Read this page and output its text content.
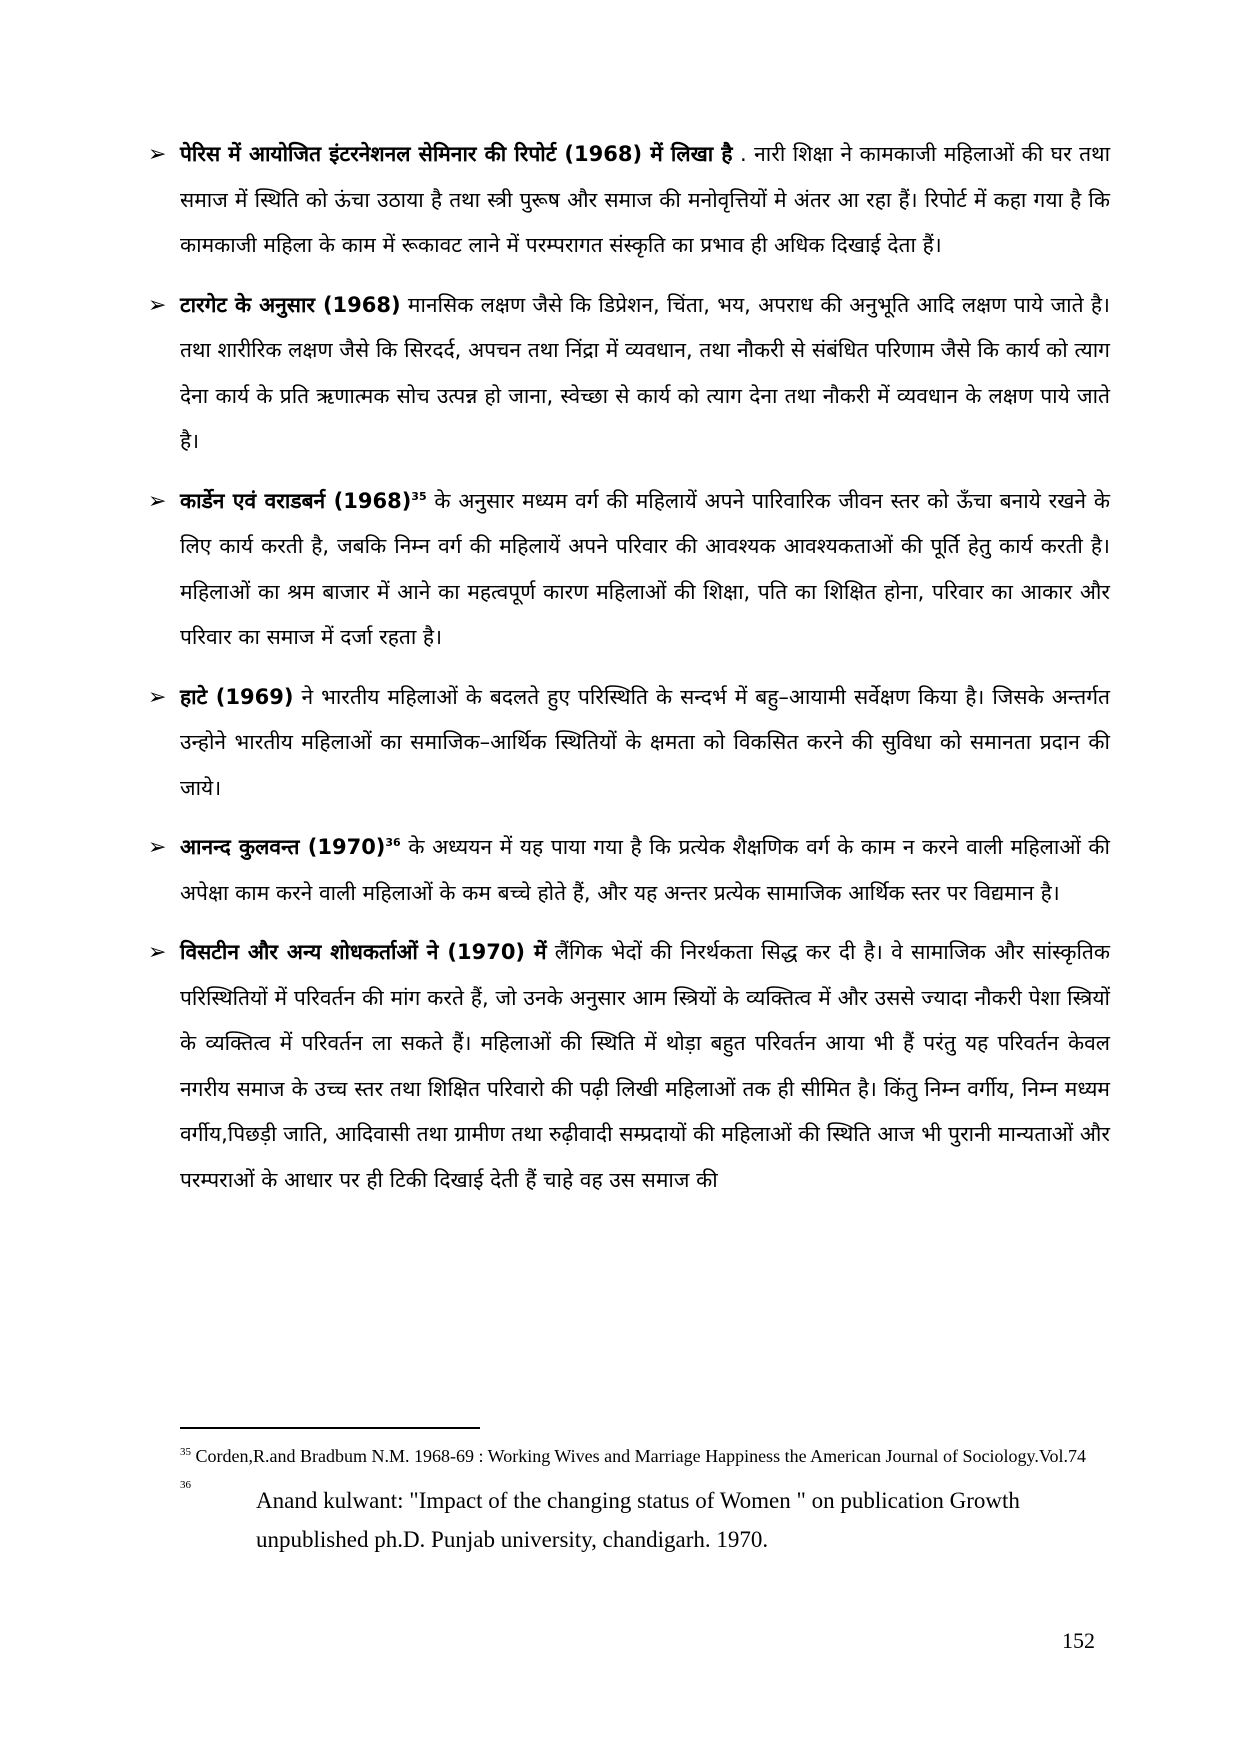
➢ पेरिस में आयोजित इंटरनेशनल सेमिनार की रिपोर्ट (1968) में लिखा है . नारी शिक्षा ने कामकाजी महिलाओं की घर तथा समाज में स्थिति को ऊंचा उठाया है तथा स्त्री पुरूष और समाज की मनोवृत्तियों मे अंतर आ रहा हैं। रिपोर्ट में कहा गया है कि कामकाजी महिला के काम में रूकावट लाने में परम्परागत संस्कृति का प्रभाव ही अधिक दिखाई देता हैं।
➢ टारगेट के अनुसार (1968) मानसिक लक्षण जैसे कि डिप्रेशन, चिंता, भय, अपराध की अनुभूति आदि लक्षण पाये जाते है। तथा शारीरिक लक्षण जैसे कि सिरदर्द, अपचन तथा निंद्रा में व्यवधान, तथा नौकरी से संबंधित परिणाम जैसे कि कार्य को त्याग देना कार्य के प्रति ऋणात्मक सोच उत्पन्न हो जाना, स्वेच्छा से कार्य को त्याग देना तथा नौकरी में व्यवधान के लक्षण पाये जाते है।
➢ कार्डेन एवं वराडबर्न $(1968)^{35}$ के अनुसार मध्यम वर्ग की महिलायें अपने पारिवारिक जीवन स्तर को ऊँचा बनाये रखने के लिए कार्य करती है, जबकि निम्न वर्ग की महिलायें अपने परिवार की आवश्यक आवश्यकताओं की पूर्ति हेतु कार्य करती है। महिलाओं का श्रम बाजार में आने का महत्वपूर्ण कारण महिलाओं की शिक्षा, पति का शिक्षित होना, परिवार का आकार और परिवार का समाज में दर्जा रहता है।
➢ हाटे (1969) ने भारतीय महिलाओं के बदलते हुए परिस्थिति के सन्दर्भ में बहु–आयामी सर्वेक्षण किया है। जिसके अन्तर्गत उन्होने भारतीय महिलाओं का समाजिक–आर्थिक स्थितियों के क्षमता को विकसित करने की सुविधा को समानता प्रदान की जाये।
➢ आनन्द कुलवन्त $(1970)^{36}$ के अध्ययन में यह पाया गया है कि प्रत्येक शैक्षणिक वर्ग के काम न करने वाली महिलाओं की अपेक्षा काम करने वाली महिलाओं के कम बच्चे होते हैं, और यह अन्तर प्रत्येक सामाजिक आर्थिक स्तर पर विद्यमान है।
➢ विसटीन और अन्य शोधकर्ताओं ने (1970) में लैंगिक भेदों की निरर्थकता सिद्ध कर दी है। वे सामाजिक और सांस्कृतिक परिस्थितियों में परिवर्तन की मांग करते हैं, जो उनके अनुसार आम स्त्रियों के व्यक्तित्व में और उससे ज्यादा नौकरी पेशा स्त्रियों के व्यक्तित्व में परिवर्तन ला सकते हैं। महिलाओं की स्थिति में थोड़ा बहुत परिवर्तन आया भी हैं परंतु यह परिवर्तन केवल नगरीय समाज के उच्च स्तर तथा शिक्षित परिवारो की पढ़ी लिखी महिलाओं तक ही सीमित है। किंतु निम्न वर्गीय, निम्न मध्यम वर्गीय,पिछड़ी जाति, आदिवासी तथा ग्रामीण तथा रुढ़ीवादी सम्प्रदायों की महिलाओं की स्थिति आज भी पुरानी मान्यताओं और परम्पराओं के आधार पर ही टिकी दिखाई देती हैं चाहे वह उस समाज की
$^{35}$ Corden,R.and Bradbum N.M. 1968-69 : Working Wives and Marriage Happiness the American Journal of Sociology.Vol.74
36
Anand kulwant: "Impact of the changing status of Women " on publication Growth unpublished ph.D. Punjab university, chandigarh. 1970.
152
